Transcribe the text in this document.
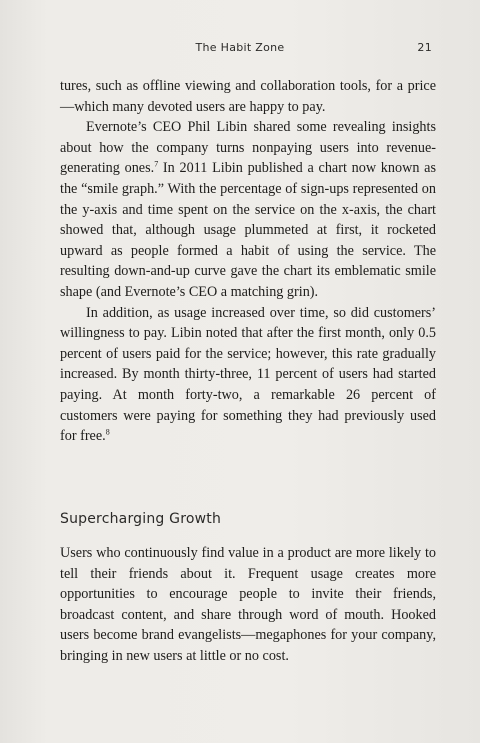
The Habit Zone	21

tures, such as offline viewing and collaboration tools, for a price—which many devoted users are happy to pay.

Evernote’s CEO Phil Libin shared some revealing insights about how the company turns nonpaying users into revenue-generating ones.$^7$ In 2011 Libin published a chart now known as the “smile graph.” With the percentage of sign-ups represented on the y-axis and time spent on the service on the x-axis, the chart showed that, although usage plummeted at first, it rocketed upward as people formed a habit of using the service. The resulting down-and-up curve gave the chart its emblematic smile shape (and Evernote’s CEO a matching grin).

In addition, as usage increased over time, so did customers’ willingness to pay. Libin noted that after the first month, only 0.5 percent of users paid for the service; however, this rate gradually increased. By month thirty-three, 11 percent of users had started paying. At month forty-two, a remarkable 26 percent of customers were paying for something they had previously used for free.$^8$

Supercharging Growth

Users who continuously find value in a product are more likely to tell their friends about it. Frequent usage creates more opportunities to encourage people to invite their friends, broadcast content, and share through word of mouth. Hooked users become brand evangelists—megaphones for your company, bringing in new users at little or no cost.
